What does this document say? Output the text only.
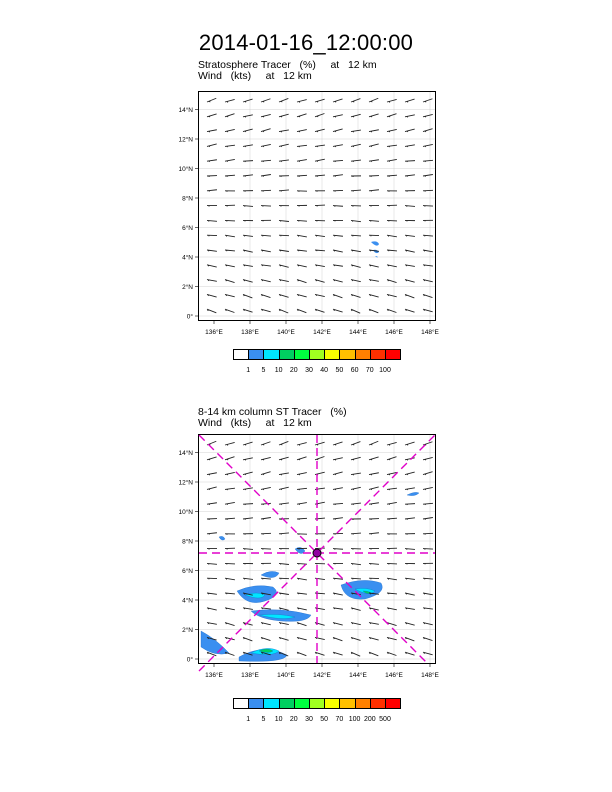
2014-01-16_12:00:00
Stratosphere Tracer   (%)     at   12 km
Wind   (kts)     at   12 km
136°E	138°E	140°E	142°E	144°E	146°E	148°E
0°
2°N
4°N
6°N
8°N
10°N
12°N
14°N
1 5 10 20 30 40 50 60 70 100
8-14 km column ST Tracer   (%)
Wind   (kts)     at   12 km
136°E	138°E	140°E	142°E	144°E	146°E	148°E
0°
2°N
4°N
6°N
8°N
10°N
12°N
14°N
1 5 10 20 30 50 70 100 200 500
